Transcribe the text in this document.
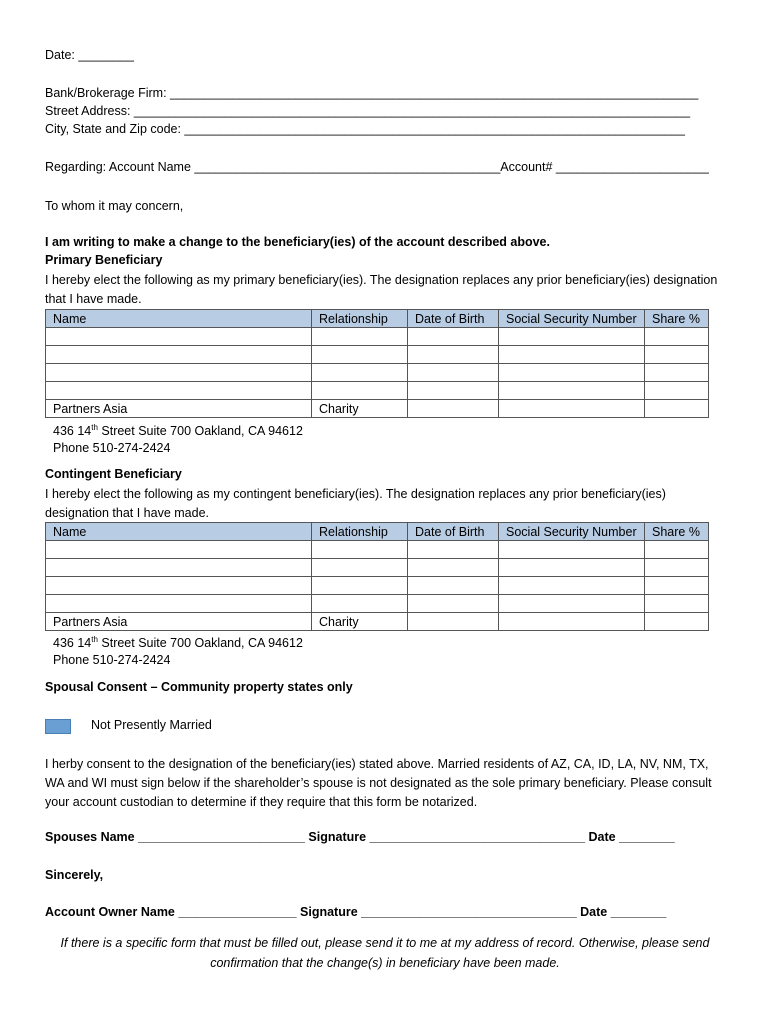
Date: ________
Bank/Brokerage Firm: ____________________________________________________________________________
Street Address: ________________________________________________________________________________
City, State and Zip code: ________________________________________________________________________
Regarding: Account Name ____________________________________________Account# ______________________
To whom it may concern,
I am writing to make a change to the beneficiary(ies) of the account described above.
Primary Beneficiary
I hereby elect the following as my primary beneficiary(ies). The designation replaces any prior beneficiary(ies) designation that I have made.
Name	Relationship	Date of Birth	Social Security Number	Share %

Partners Asia	Charity			
436 14th Street Suite 700 Oakland, CA 94612
Phone 510-274-2424
Contingent Beneficiary
I hereby elect the following as my contingent beneficiary(ies). The designation replaces any prior beneficiary(ies) designation that I have made.
Name	Relationship	Date of Birth	Social Security Number	Share %

Partners Asia	Charity			
436 14th Street Suite 700 Oakland, CA 94612
Phone 510-274-2424
Spousal Consent – Community property states only
Not Presently Married
I herby consent to the designation of the beneficiary(ies) stated above. Married residents of AZ, CA, ID, LA, NV, NM, TX, WA and WI must sign below if the shareholder’s spouse is not designated as the sole primary beneficiary. Please consult your account custodian to determine if they require that this form be notarized.
Spouses Name ________________________ Signature _______________________________ Date ________
Sincerely,
Account Owner Name _________________ Signature _______________________________ Date ________
If there is a specific form that must be filled out, please send it to me at my address of record. Otherwise, please send confirmation that the change(s) in beneficiary have been made.
